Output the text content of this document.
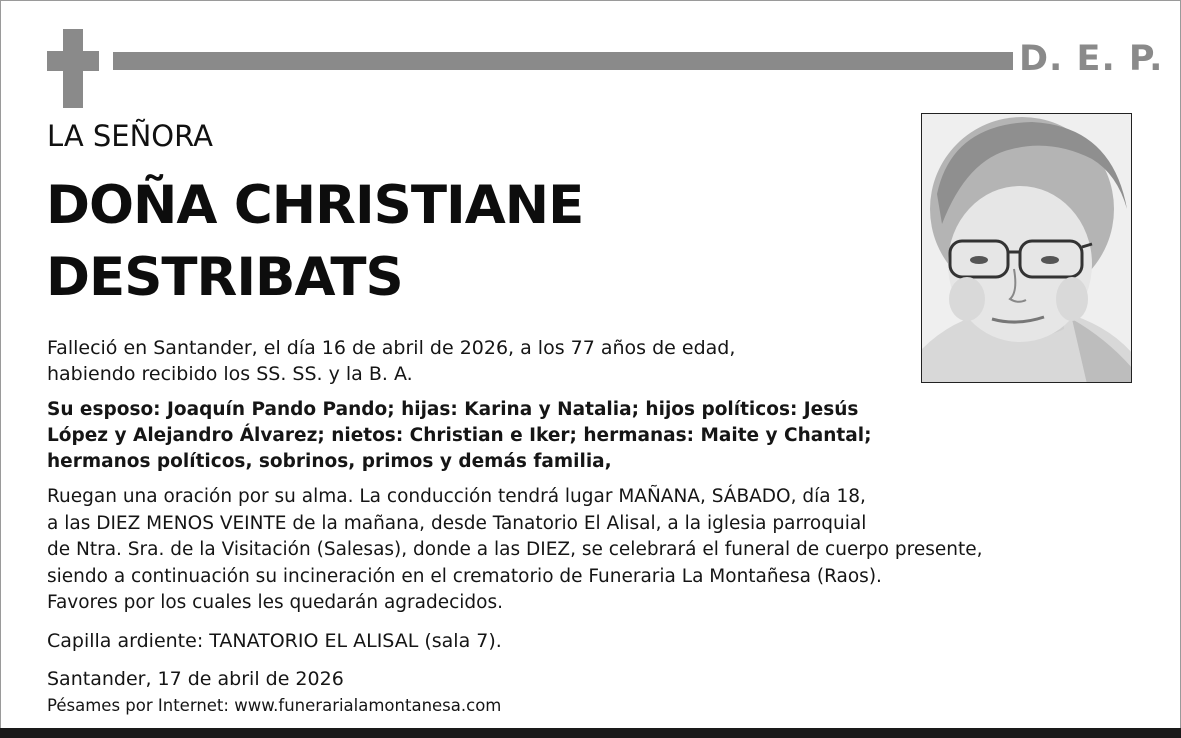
D. E. P.
LA SEÑORA
DOÑA CHRISTIANE
DESTRIBATS
Falleció en Santander, el día 16 de abril de 2026, a los 77 años de edad,
habiendo recibido los SS. SS. y la B. A.
Su esposo: Joaquín Pando Pando; hijas: Karina y Natalia; hijos políticos: Jesús
López y Alejandro Álvarez; nietos: Christian e Iker; hermanas: Maite y Chantal;
hermanos políticos, sobrinos, primos y demás familia,
Ruegan una oración por su alma. La conducción tendrá lugar MAÑANA, SÁBADO, día 18,
a las DIEZ MENOS VEINTE de la mañana, desde Tanatorio El Alisal, a la iglesia parroquial
de Ntra. Sra. de la Visitación (Salesas), donde a las DIEZ, se celebrará el funeral de cuerpo presente,
siendo a continuación su incineración en el crematorio de Funeraria La Montañesa (Raos).
Favores por los cuales les quedarán agradecidos.
Capilla ardiente: TANATORIO EL ALISAL (sala 7).
Santander, 17 de abril de 2026
Pésames por Internet: www.funerarialamontanesa.com
